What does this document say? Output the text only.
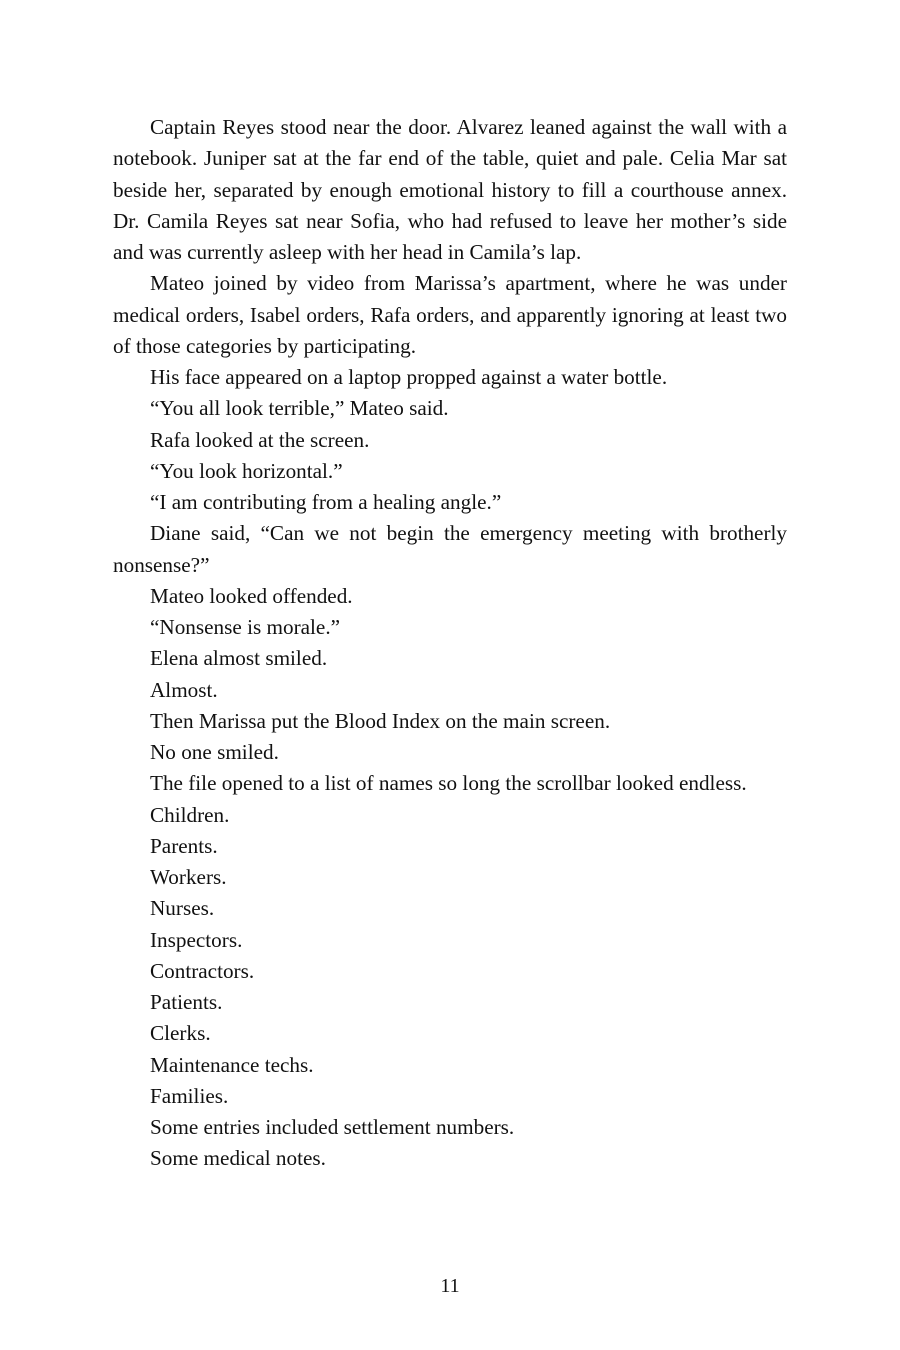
Captain Reyes stood near the door. Alvarez leaned against the wall with a notebook. Juniper sat at the far end of the table, quiet and pale. Celia Mar sat beside her, separated by enough emotional history to fill a courthouse annex. Dr. Camila Reyes sat near Sofia, who had refused to leave her mother’s side and was currently asleep with her head in Camila’s lap.

Mateo joined by video from Marissa’s apartment, where he was under medical orders, Isabel orders, Rafa orders, and apparently ignoring at least two of those categories by participating.

His face appeared on a laptop propped against a water bottle.

“You all look terrible,” Mateo said.

Rafa looked at the screen.

“You look horizontal.”

“I am contributing from a healing angle.”

Diane said, “Can we not begin the emergency meeting with brotherly nonsense?”

Mateo looked offended.

“Nonsense is morale.”

Elena almost smiled.

Almost.

Then Marissa put the Blood Index on the main screen.

No one smiled.

The file opened to a list of names so long the scrollbar looked endless.

Children.

Parents.

Workers.

Nurses.

Inspectors.

Contractors.

Patients.

Clerks.

Maintenance techs.

Families.

Some entries included settlement numbers.

Some medical notes.

11
